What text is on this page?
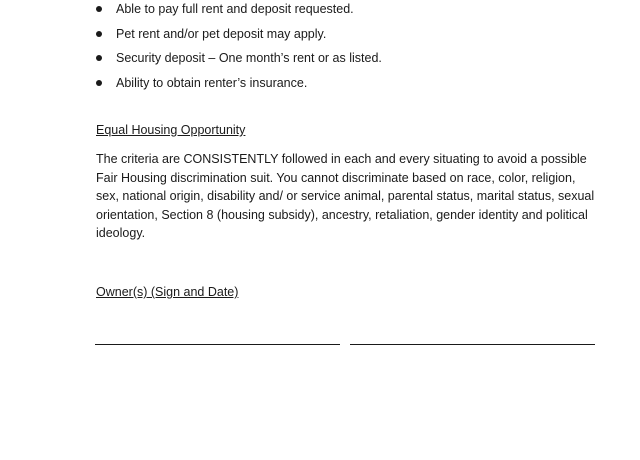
Able to pay full rent and deposit requested.
Pet rent and/or pet deposit may apply.
Security deposit – One month’s rent or as listed.
Ability to obtain renter’s insurance.
Equal Housing Opportunity

The criteria are CONSISTENTLY followed in each and every situating to avoid a possible Fair Housing discrimination suit. You cannot discriminate based on race, color, religion, sex, national origin, disability and/ or service animal, parental status, marital status, sexual orientation, Section 8 (housing subsidy), ancestry, retaliation, gender identity and political ideology.

Owner(s) (Sign and Date)
